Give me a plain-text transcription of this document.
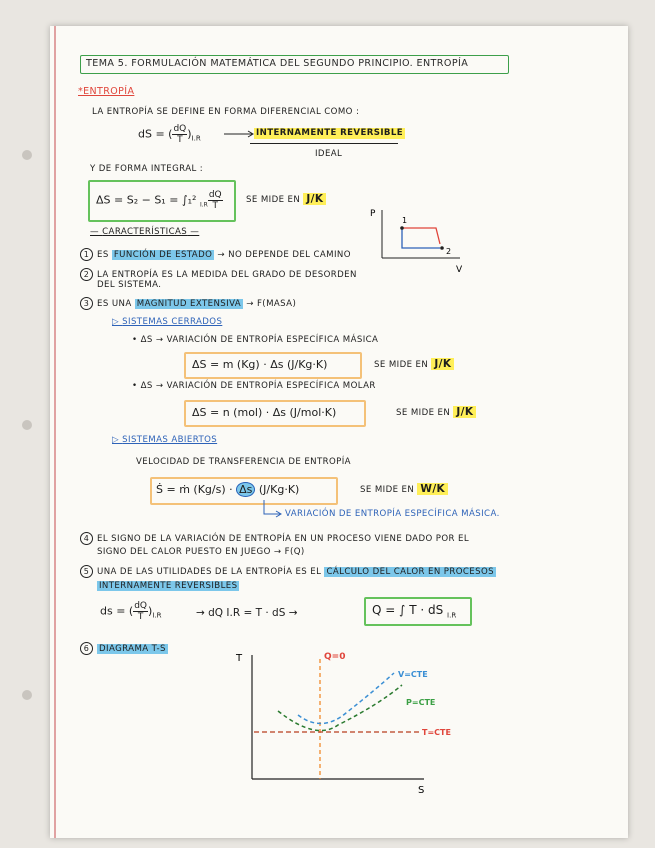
TEMA 5. FORMULACIÓN MATEMÁTICA DEL SEGUNDO PRINCIPIO. ENTROPÍA
*ENTROPÍA
LA ENTROPÍA SE DEFINE EN FORMA DIFERENCIAL COMO :
dS = ( $\frac{dQ}{T} )_{I.R}$
INTERNAMENTE REVERSIBLE
IDEAL
Y DE FORMA INTEGRAL :
ΔS = S₂ − S₁ = ∫₁² $_{I.R} \frac{dQ}{T}$	SE MIDE EN J/K
P
V
1
2
— CARACTERÍSTICAS —
1 ES FUNCIÓN DE ESTADO → NO DEPENDE DEL CAMINO
2 LA ENTROPÍA ES LA MEDIDA DEL GRADO DE DESORDEN
DEL SISTEMA.
3 ES UNA MAGNITUD EXTENSIVA → F(MASA)
▷ SISTEMAS CERRADOS
• ΔS → VARIACIÓN DE ENTROPÍA ESPECÍFICA MÁSICA
ΔS = m (Kg) · Δs (J/Kg·K)	SE MIDE EN J/K
• ΔS → VARIACIÓN DE ENTROPÍA ESPECÍFICA MOLAR
ΔS = n (mol) · Δs (J/mol·K)	SE MIDE EN J/K
▷ SISTEMAS ABIERTOS
VELOCIDAD DE TRANSFERENCIA DE ENTROPÍA
Ṡ = ṁ (Kg/s) · Δs (J/Kg·K)	SE MIDE EN W/K
VARIACIÓN DE ENTROPÍA ESPECÍFICA MÁSICA.
4 EL SIGNO DE LA VARIACIÓN DE ENTROPÍA EN UN PROCESO VIENE DADO POR EL
SIGNO DEL CALOR PUESTO EN JUEGO → F(Q)
5 UNA DE LAS UTILIDADES DE LA ENTROPÍA ES EL CÁLCULO DEL CALOR EN PROCESOS
INTERNAMENTE REVERSIBLES
ds = ( $\frac{dQ}{T} )_{I.R}$	→ dQ I.R = T · dS →	Q = ∫ T · dS $_{I.R}$
6 DIAGRAMA T-S
T
S
Q=0
T=CTE
P=CTE
V=CTE
